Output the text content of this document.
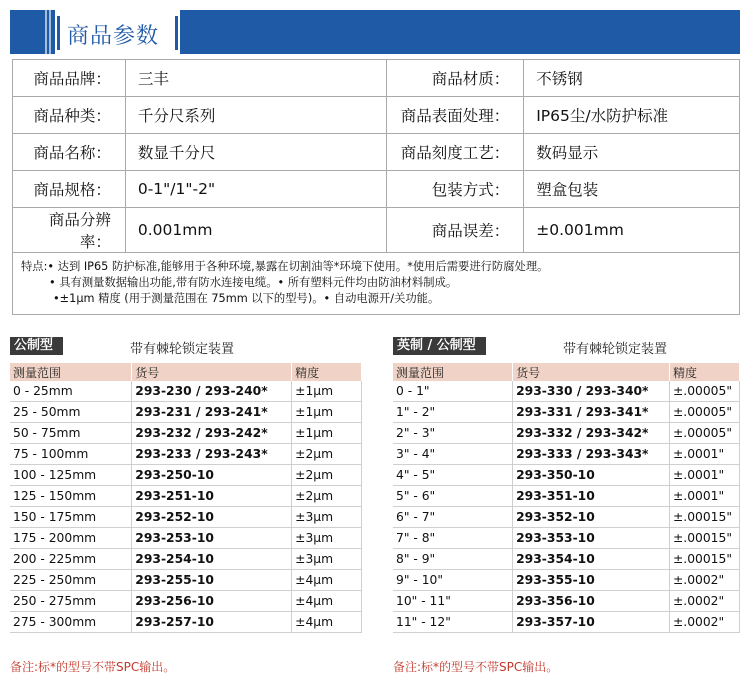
商品参数
商品品牌：	三丰	商品材质：	不锈钢
商品种类：	千分尺系列	商品表面处理：	IP65尘/水防护标准
商品名称：	数显千分尺	商品刻度工艺：	数码显示
商品规格：	0-1"/1"-2"	包装方式：	塑盒包装
商品分辨率：	0.001mm	商品误差：	±0.001mm
特点:• 达到 IP65 防护标准,能够用于各种环境,暴露在切割油等*环境下使用。*使用后需要进行防腐处理。
• 具有测量数据输出功能,带有防水连接电缆。• 所有塑料元件均由防油材料制成。
•±1μm 精度 (用于测量范围在 75mm 以下的型号)。• 自动电源开/关功能。
公制型	带有棘轮锁定装置
测量范围	货号	精度
0 - 25mm	293-230 / 293-240*	±1μm
25 - 50mm	293-231 / 293-241*	±1μm
50 - 75mm	293-232 / 293-242*	±1μm
75 - 100mm	293-233 / 293-243*	±2μm
100 - 125mm	293-250-10	±2μm
125 - 150mm	293-251-10	±2μm
150 - 175mm	293-252-10	±3μm
175 - 200mm	293-253-10	±3μm
200 - 225mm	293-254-10	±3μm
225 - 250mm	293-255-10	±4μm
250 - 275mm	293-256-10	±4μm
275 - 300mm	293-257-10	±4μm
备注:标*的型号不带SPC输出。
英制 / 公制型	带有棘轮锁定装置
测量范围	货号	精度
0 - 1"	293-330 / 293-340*	±.00005"
1" - 2"	293-331 / 293-341*	±.00005"
2" - 3"	293-332 / 293-342*	±.00005"
3" - 4"	293-333 / 293-343*	±.0001"
4" - 5"	293-350-10	±.0001"
5" - 6"	293-351-10	±.0001"
6" - 7"	293-352-10	±.00015"
7" - 8"	293-353-10	±.00015"
8" - 9"	293-354-10	±.00015"
9" - 10"	293-355-10	±.0002"
10" - 11"	293-356-10	±.0002"
11" - 12"	293-357-10	±.0002"
备注:标*的型号不带SPC输出。
